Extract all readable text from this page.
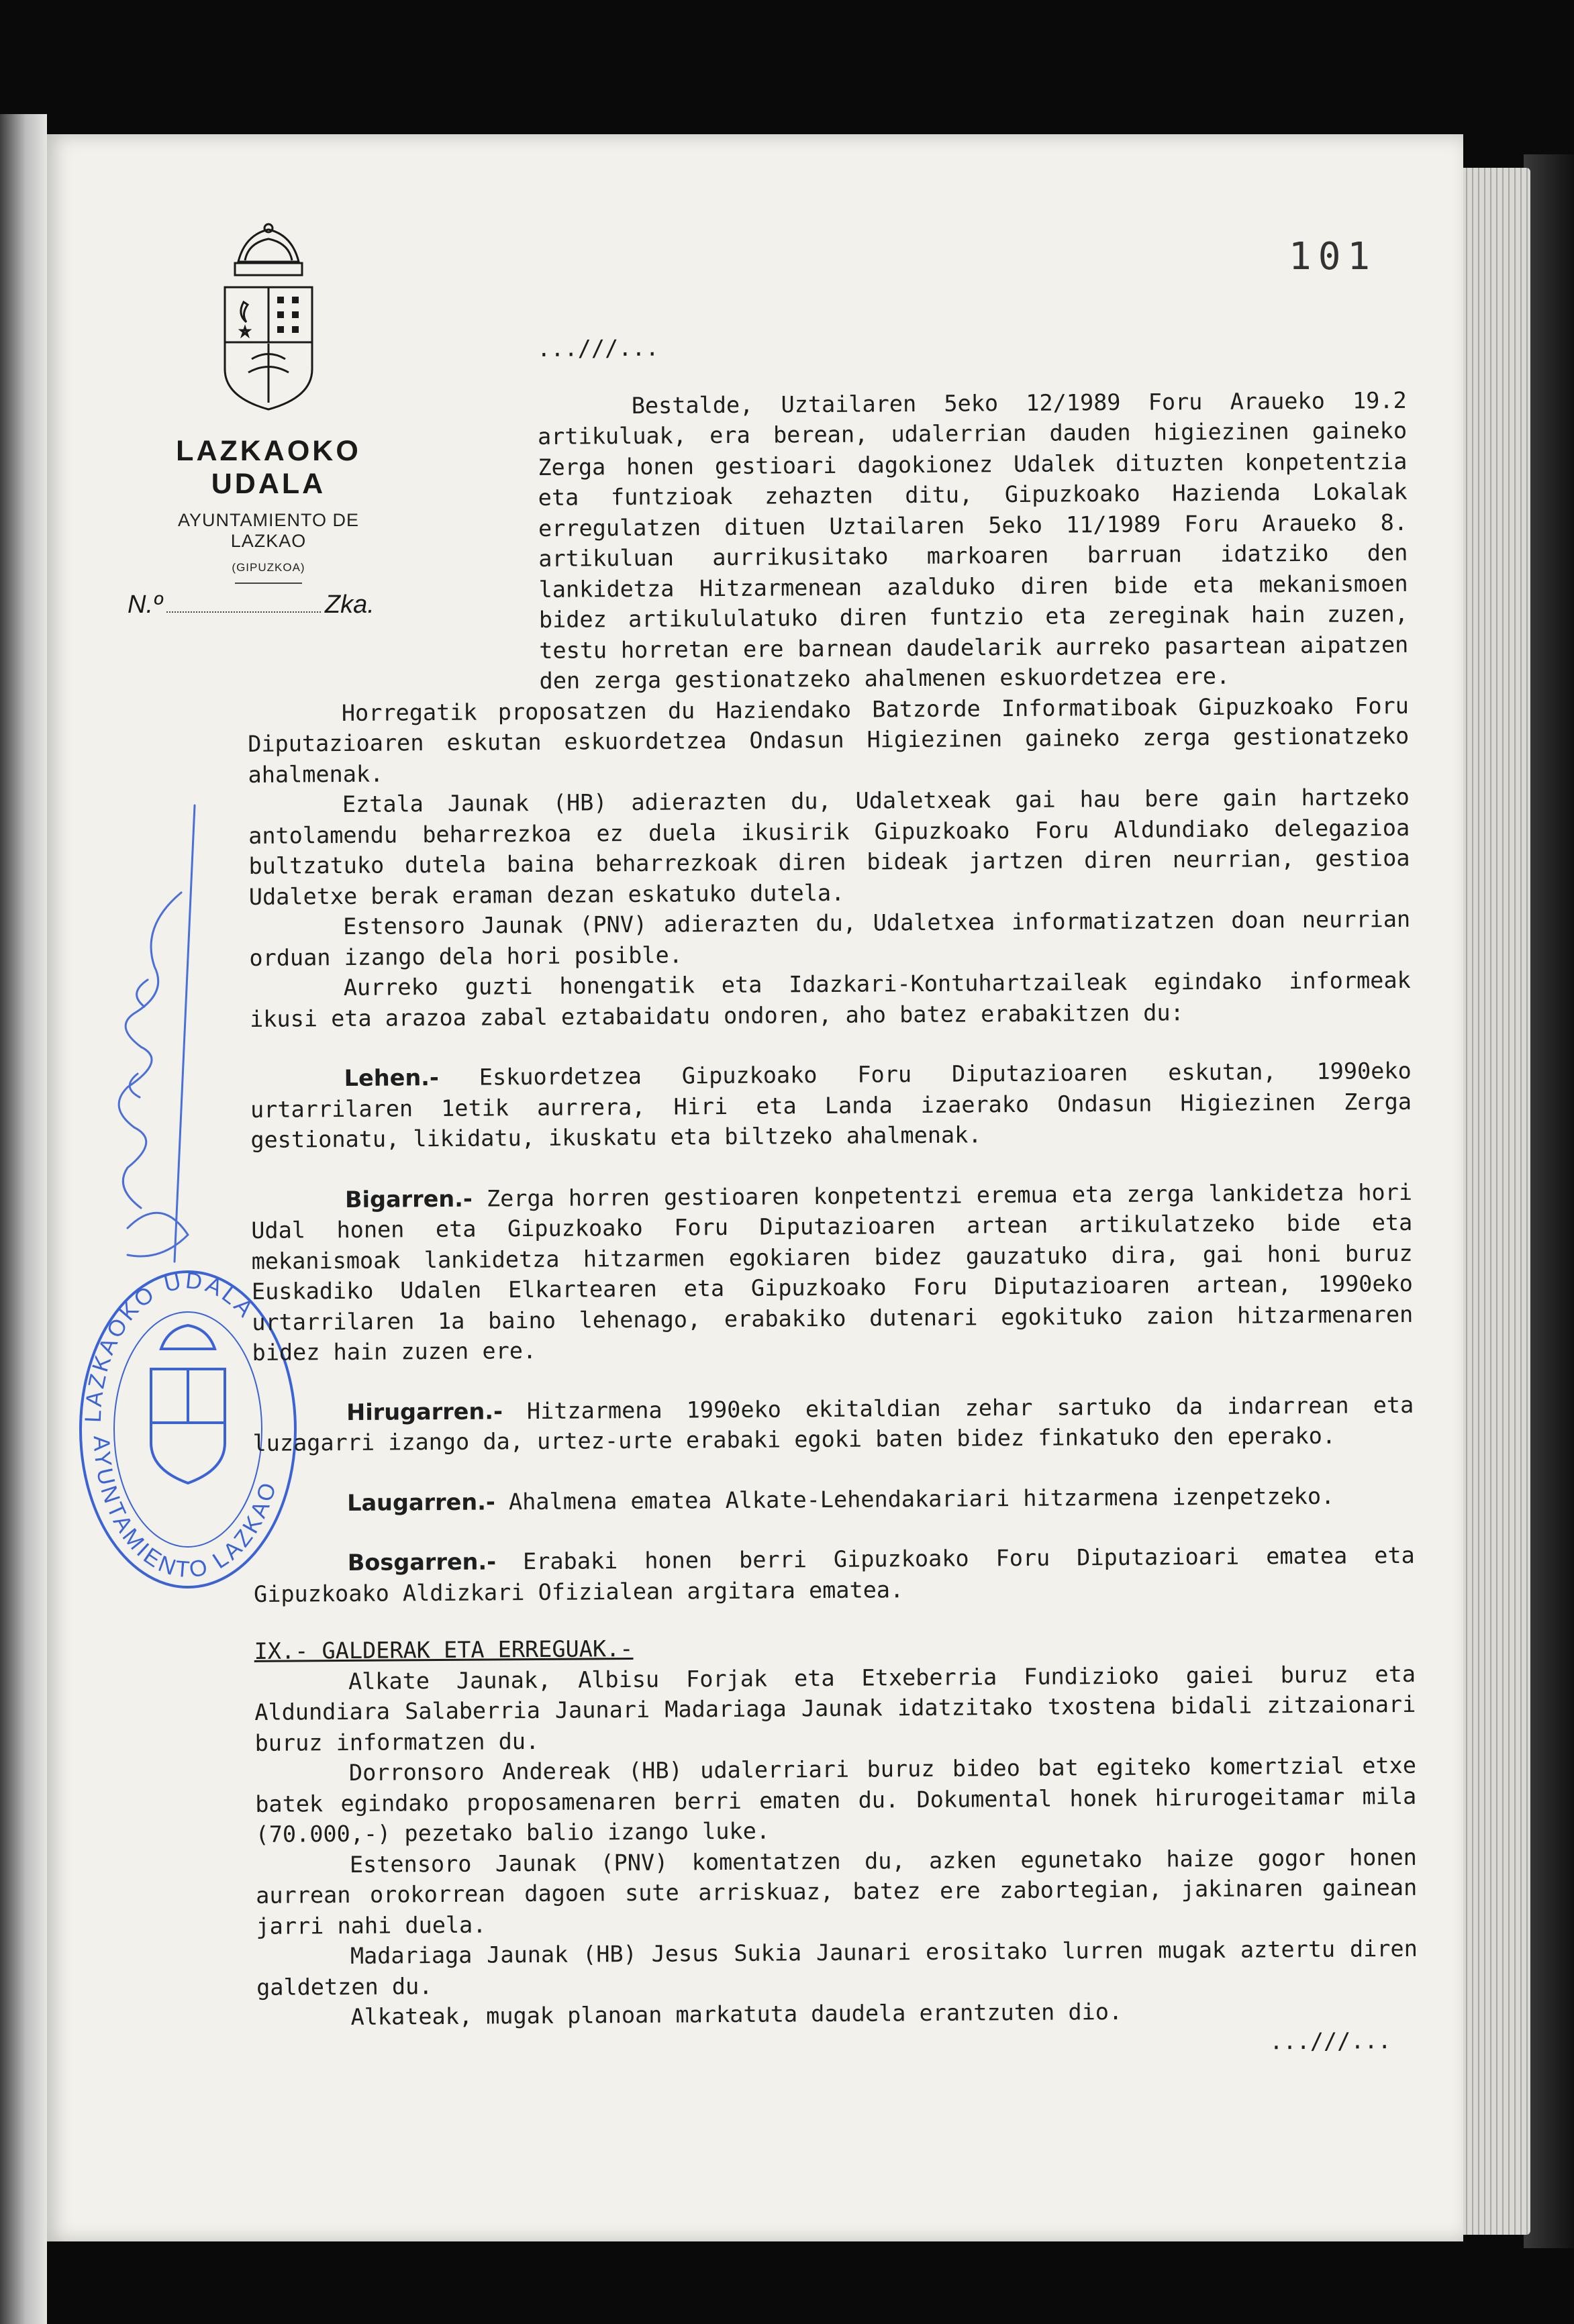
LAZKAOKO UDALA
AYUNTAMIENTO DE LAZKAO
(GIPUZKOA)
N.º	Zka.
101
LAZKAOKO UDALA
AYUNTAMIENTO LAZKAO

...///...

Bestalde, Uztailaren 5eko 12/1989 Foru Araueko 19.2 artikuluak, era berean, udalerrian dauden higiezinen gaineko Zerga honen gestioari dagokionez Udalek dituzten konpetentzia eta funtzioak zehazten ditu, Gipuzkoako Hazienda Lokalak erregulatzen dituen Uztailaren 5eko 11/1989 Foru Araueko 8. artikuluan aurrikusitako markoaren barruan idatziko den lankidetza Hitzarmenean azalduko diren bide eta mekanismoen bidez artikululatuko diren funtzio eta zereginak hain zuzen, testu horretan ere barnean daudelarik aurreko pasartean aipatzen den zerga gestionatzeko ahalmenen eskuordetzea ere.

Horregatik proposatzen du Haziendako Batzorde Informatiboak Gipuzkoako Foru Diputazioaren eskutan eskuordetzea Ondasun Higiezinen gaineko zerga gestionatzeko ahalmenak.

Eztala Jaunak (HB) adierazten du, Udaletxeak gai hau bere gain hartzeko antolamendu beharrezkoa ez duela ikusirik Gipuzkoako Foru Aldundiako delegazioa bultzatuko dutela baina beharrezkoak diren bideak jartzen diren neurrian, gestioa Udaletxe berak eraman dezan eskatuko dutela.

Estensoro Jaunak (PNV) adierazten du, Udaletxea informatizatzen doan neurrian orduan izango dela hori posible.

Aurreko guzti honengatik eta Idazkari-Kontuhartzaileak egindako informeak ikusi eta arazoa zabal eztabaidatu ondoren, aho batez erabakitzen du:

Lehen.- Eskuordetzea Gipuzkoako Foru Diputazioaren eskutan, 1990eko urtarrilaren 1etik aurrera, Hiri eta Landa izaerako Ondasun Higiezinen Zerga gestionatu, likidatu, ikuskatu eta biltzeko ahalmenak.

Bigarren.- Zerga horren gestioaren konpetentzi eremua eta zerga lankidetza hori Udal honen eta Gipuzkoako Foru Diputazioaren artean artikulatzeko bide eta mekanismoak lankidetza hitzarmen egokiaren bidez gauzatuko dira, gai honi buruz Euskadiko Udalen Elkartearen eta Gipuzkoako Foru Diputazioaren artean, 1990eko urtarrilaren 1a baino lehenago, erabakiko dutenari egokituko zaion hitzarmenaren bidez hain zuzen ere.

Hirugarren.- Hitzarmena 1990eko ekitaldian zehar sartuko da indarrean eta luzagarri izango da, urtez-urte erabaki egoki baten bidez finkatuko den eperako.

Laugarren.- Ahalmena ematea Alkate-Lehendakariari hitzarmena izenpetzeko.

Bosgarren.- Erabaki honen berri Gipuzkoako Foru Diputazioari ematea eta Gipuzkoako Aldizkari Ofizialean argitara ematea.

IX.- GALDERAK ETA ERREGUAK.-

Alkate Jaunak, Albisu Forjak eta Etxeberria Fundizioko gaiei buruz eta Aldundiara Salaberria Jaunari Madariaga Jaunak idatzitako txostena bidali zitzaionari buruz informatzen du.

Dorronsoro Andereak (HB) udalerriari buruz bideo bat egiteko komertzial etxe batek egindako proposamenaren berri ematen du. Dokumental honek hirurogeitamar mila (70.000,-) pezetako balio izango luke.

Estensoro Jaunak (PNV) komentatzen du, azken egunetako haize gogor honen aurrean orokorrean dagoen sute arriskuaz, batez ere zabortegian, jakinaren gainean jarri nahi duela.

Madariaga Jaunak (HB) Jesus Sukia Jaunari erositako lurren mugak aztertu diren galdetzen du.

Alkateak, mugak planoan markatuta daudela erantzuten dio.

...///...
